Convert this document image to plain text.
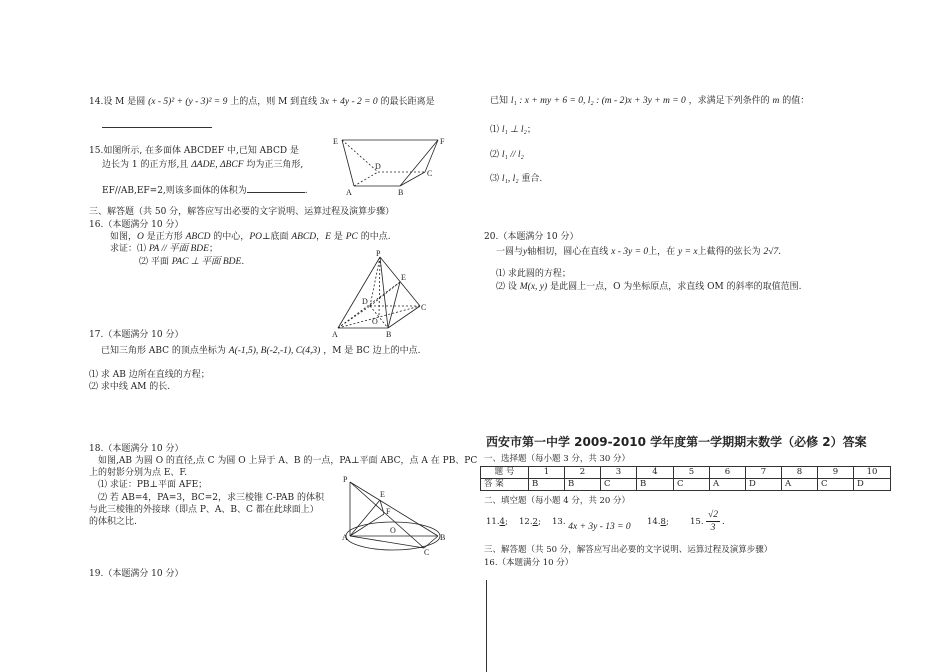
14.设 M 是圆 (x - 5)² + (y - 3)² = 9 上的点，则 M 到直线 3x + 4y - 2 = 0 的最长距离是
15.如图所示, 在多面体 ABCDEF 中,已知 ABCD 是
边长为 1 的正方形,且 ΔADE, ΔBCF 均为正三角形,
EF//AB,EF=2,则该多面体的体积为	.
E	F
D
C
A	B
三、解答题（共 50 分，解答应写出必要的文字说明、运算过程及演算步骤）
16.（本题满分 10 分）
如图，O 是正方形 ABCD 的中心，PO⊥底面 ABCD，E 是 PC 的中点.
求证：⑴ PA // 平面 BDE；
⑵ 平面 PAC ⊥ 平面 BDE.
P
E
D
C
O
A	B
17.（本题满分 10 分）
已知三角形 ABC 的顶点坐标为 A(-1,5), B(-2,-1), C(4,3) ，M 是 BC 边上的中点.
⑴ 求 AB 边所在直线的方程；
⑵ 求中线 AM 的长.
18.（本题满分 10 分）
如图,AB 为圆 O 的直径,点 C 为圆 O 上异于 A、B 的一点，PA⊥平面 ABC，点 A 在 PB、PC
上的射影分别为点 E、F.
⑴ 求证：PB⊥平面 AFE；
⑵ 若 AB=4，PA=3，BC=2，求三棱锥 C-PAB 的体积
与此三棱锥的外接球（即点 P、A、B、C 都在此球面上）
的体积之比.
P
E
F
O
A	B
C
19.（本题满分 10 分）
已知 l₁ : x + my + 6 = 0, l₂ : (m - 2)x + 3y + m = 0 ，求满足下列条件的 m 的值：
⑴ l₁ ⊥ l₂；
⑵ l₁ // l₂
⑶ l₁, l₂ 重合.
20.（本题满分 10 分）
一圆与y轴相切，圆心在直线 x - 3y = 0上，在 y = x上截得的弦长为 2√7.
⑴ 求此圆的方程；
⑵ 设 M(x, y) 是此圆上一点，O 为坐标原点，求直线 OM 的斜率的取值范围.
西安市第一中学 2009-2010 学年度第一学期期末数学（必修 2）答案
一、选择题（每小题 3 分，共 30 分）
题 号	1	2	3	4	5	6	7	8	9	10
答 案	B	B	C	B	C	A	D	A	C	D
二、填空题（每小题 4 分，共 20 分）
11.4; 12.2; 13. 4x + 3y - 13 = 0 14.8; 15. $\frac{√2}{3}$ .
三、解答题（共 50 分，解答应写出必要的文字说明、运算过程及演算步骤）
16.（本题满分 10 分）
